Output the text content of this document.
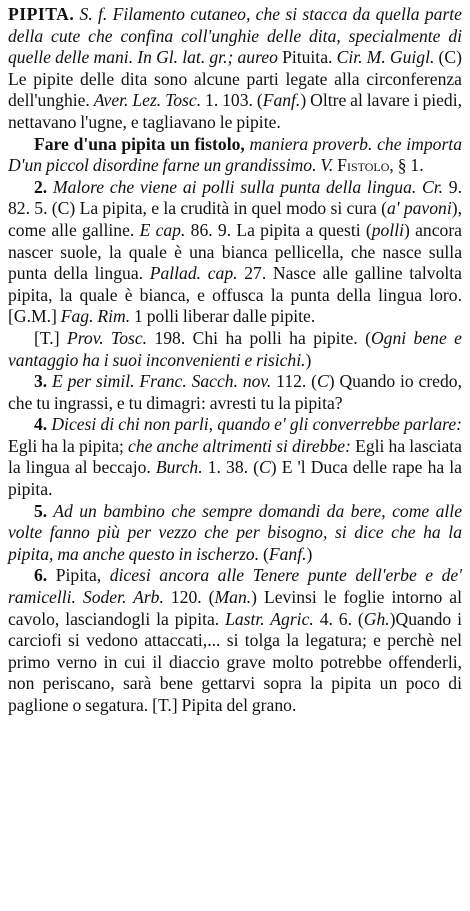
PIPITA. S. f. Filamento cutaneo, che si stacca da quella parte della cute che confina coll'unghie delle dita, specialmente di quelle delle mani. In Gl. lat. gr.; aureo Pituita. Cir. M. Guigl. (C) Le pipite delle dita sono alcune parti legate alla circonferenza dell'unghie. Aver. Lez. Tosc. 1. 103. (Fanf.) Oltre al lavare i piedi, nettavano l'ugne, e tagliavano le pipite.

Fare d'una pipita un fistolo, maniera proverb. che importa D'un piccol disordine farne un grandissimo. V. Fistolo, § 1.

2. Malore che viene ai polli sulla punta della lingua. Cr. 9. 82. 5. (C) La pipita, e la crudità in quel modo si cura (a' pavoni), come alle galline. E cap. 86. 9. La pipita a questi (polli) ancora nascer suole, la quale è una bianca pellicella, che nasce sulla punta della lingua. Pallad. cap. 27. Nasce alle galline talvolta pipita, la quale è bianca, e offusca la punta della lingua loro. [G.M.] Fag. Rim. 1 polli liberar dalle pipite.

[T.] Prov. Tosc. 198. Chi ha polli ha pipite. (Ogni bene e vantaggio ha i suoi inconvenienti e risichi.)

3. E per simil. Franc. Sacch. nov. 112. (C) Quando io credo, che tu ingrassi, e tu dimagri: avresti tu la pipita?

4. Dicesi di chi non parli, quando e' gli converrebbe parlare: Egli ha la pipita; che anche altrimenti si direbbe: Egli ha lasciata la lingua al beccajo. Burch. 1. 38. (C) E 'l Duca delle rape ha la pipita.

5. Ad un bambino che sempre domandi da bere, come alle volte fanno più per vezzo che per bisogno, si dice che ha la pipita, ma anche questo in ischerzo. (Fanf.)

6. Pipita, dicesi ancora alle Tenere punte dell'erbe e de' ramicelli. Soder. Arb. 120. (Man.) Levinsi le foglie intorno al cavolo, lasciandogli la pipita. Lastr. Agric. 4. 6. (Gh.)Quando i carciofi si vedono attaccati,... si tolga la legatura; e perchè nel primo verno in cui il diaccio grave molto potrebbe offenderli, non periscano, sarà bene gettarvi sopra la pipita un poco di paglione o segatura. [T.] Pipita del grano.
